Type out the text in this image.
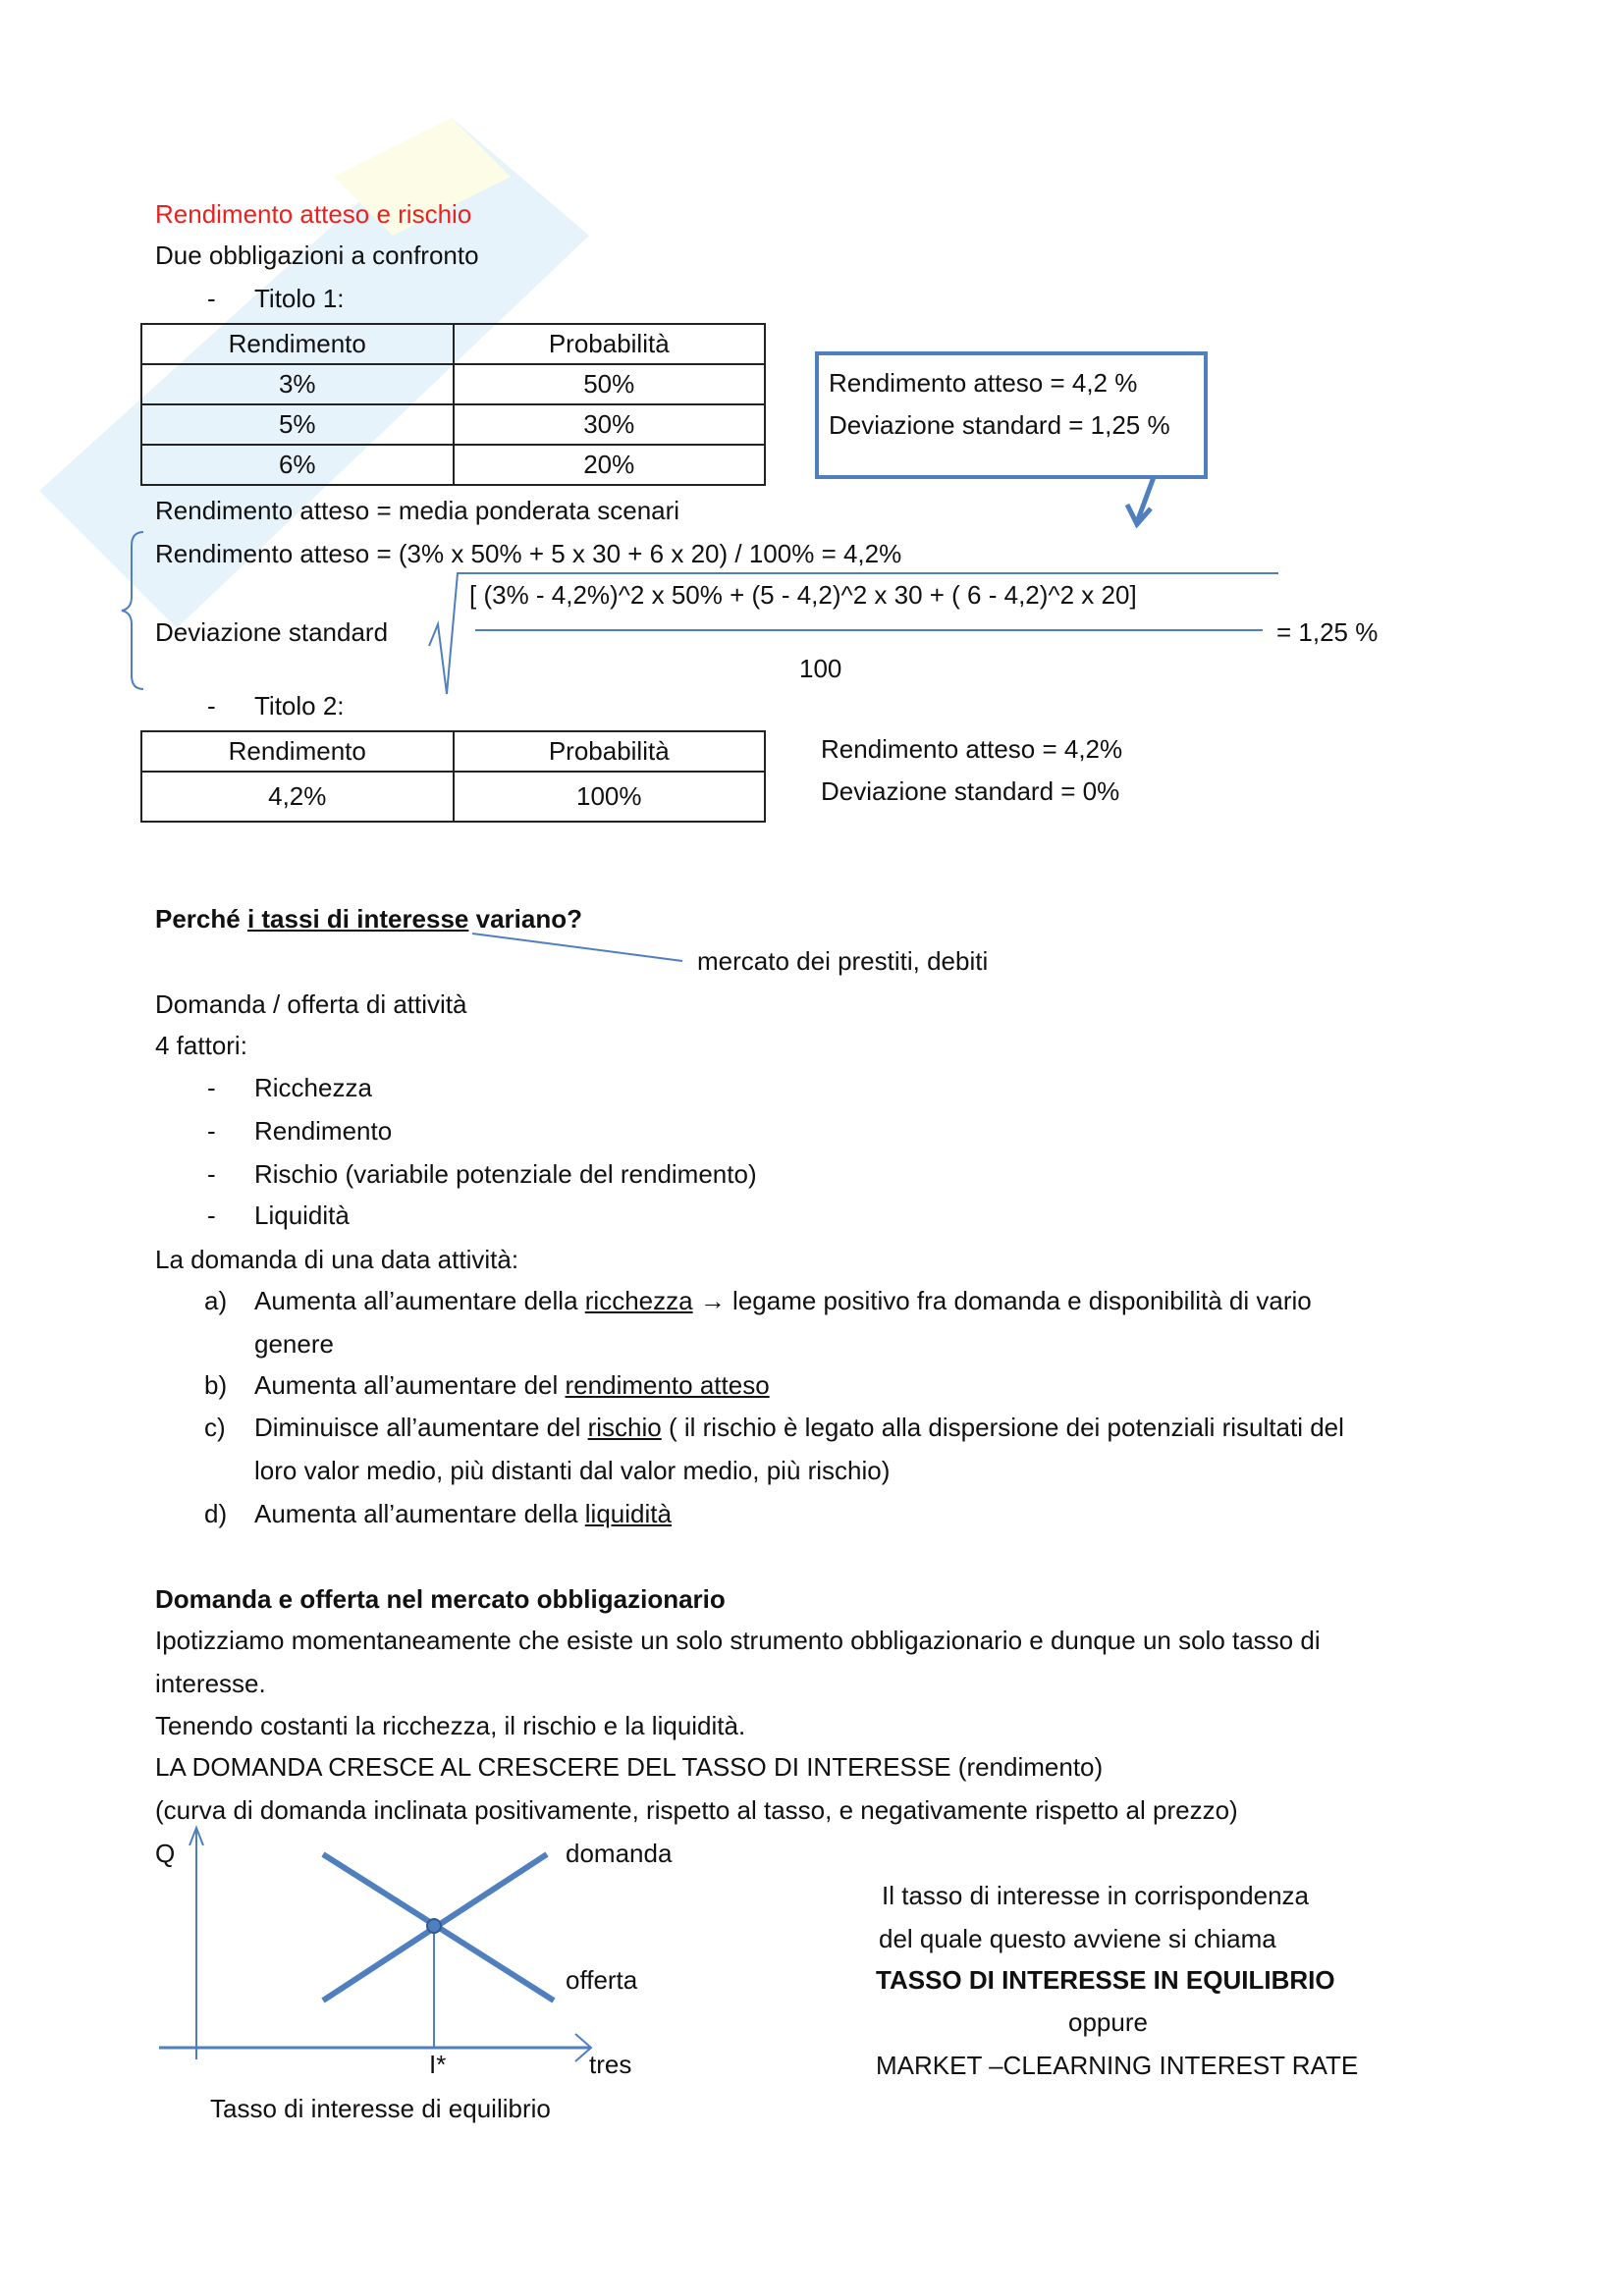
Rendimento atteso e rischio
Due obbligazioni a confronto
- Titolo 1:
Rendimento	Probabilità
3%	50%
5%	30%
6%	20%
Rendimento atteso = 4,2 %
Deviazione standard = 1,25 %
Rendimento atteso = media ponderata scenari
Rendimento atteso = (3% x 50% + 5 x 30 + 6 x 20) / 100% = 4,2%
[ (3% - 4,2%)^2 x 50% + (5 - 4,2)^2 x 30 + ( 6 - 4,2)^2 x 20]
Deviazione standard	= 1,25 %
100
- Titolo 2:
Rendimento	Probabilità
4,2%	100%
Rendimento atteso = 4,2%
Deviazione standard = 0%
Perché i tassi di interesse variano?
mercato dei prestiti, debiti
Domanda / offerta di attività
4 fattori:
- Ricchezza
- Rendimento
- Rischio (variabile potenziale del rendimento)
- Liquidità
La domanda di una data attività:
a) Aumenta all’aumentare della ricchezza → legame positivo fra domanda e disponibilità di vario
genere
b) Aumenta all’aumentare del rendimento atteso
c) Diminuisce all’aumentare del rischio ( il rischio è legato alla dispersione dei potenziali risultati del
loro valor medio, più distanti dal valor medio, più rischio)
d) Aumenta all’aumentare della liquidità
Domanda e offerta nel mercato obbligazionario
Ipotizziamo momentaneamente che esiste un solo strumento obbligazionario e dunque un solo tasso di
interesse.
Tenendo costanti la ricchezza, il rischio e la liquidità.
LA DOMANDA CRESCE AL CRESCERE DEL TASSO DI INTERESSE (rendimento)
(curva di domanda inclinata positivamente, rispetto al tasso, e negativamente rispetto al prezzo)
Q	domanda
offerta
I*	tres
Tasso di interesse di equilibrio
Il tasso di interesse in corrispondenza
del quale questo avviene si chiama
TASSO DI INTERESSE IN EQUILIBRIO
oppure
MARKET –CLEARNING INTEREST RATE
